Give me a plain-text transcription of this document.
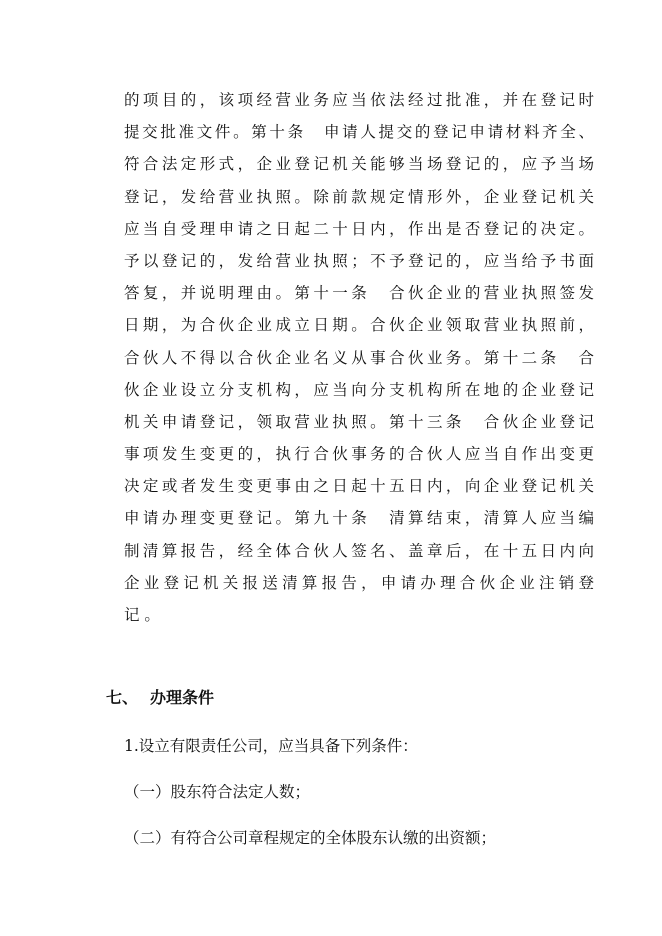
的项目的，该项经营业务应当依法经过批准，并在登记时
提交批准文件。第十条　申请人提交的登记申请材料齐全、
符合法定形式，企业登记机关能够当场登记的，应予当场
登记，发给营业执照。除前款规定情形外，企业登记机关
应当自受理申请之日起二十日内，作出是否登记的决定。
予以登记的，发给营业执照；不予登记的，应当给予书面
答复，并说明理由。第十一条　合伙企业的营业执照签发
日期，为合伙企业成立日期。合伙企业领取营业执照前，
合伙人不得以合伙企业名义从事合伙业务。第十二条　合
伙企业设立分支机构，应当向分支机构所在地的企业登记
机关申请登记，领取营业执照。第十三条　合伙企业登记
事项发生变更的，执行合伙事务的合伙人应当自作出变更
决定或者发生变更事由之日起十五日内，向企业登记机关
申请办理变更登记。第九十条　清算结束，清算人应当编
制清算报告，经全体合伙人签名、盖章后，在十五日内向
企业登记机关报送清算报告，申请办理合伙企业注销登
记 。
七、 办理条件
1.设立有限责任公司，应当具备下列条件：
（一）股东符合法定人数；
（二）有符合公司章程规定的全体股东认缴的出资额；
